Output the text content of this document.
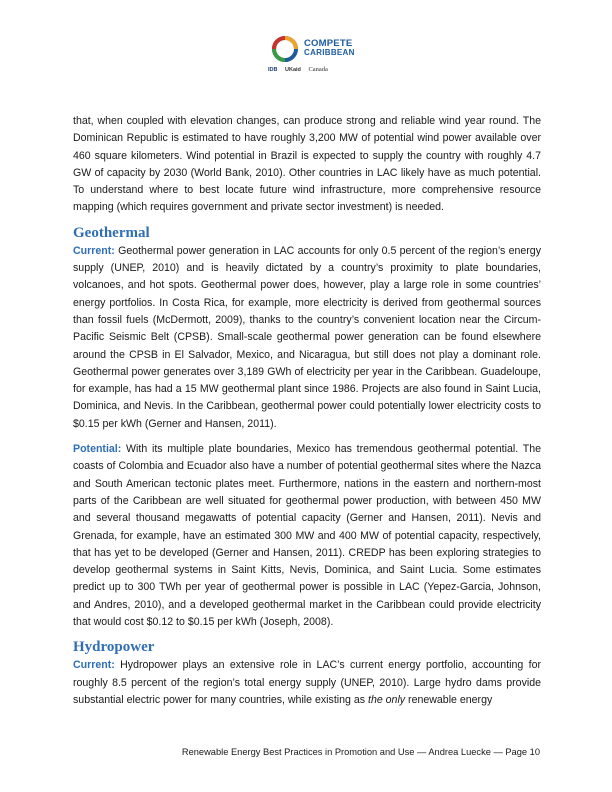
COMPETE
CARIBBEAN
IDB UKaid Canada

that, when coupled with elevation changes, can produce strong and reliable wind year round. The Dominican Republic is estimated to have roughly 3,200 MW of potential wind power available over 460 square kilometers. Wind potential in Brazil is expected to supply the country with roughly 4.7 GW of capacity by 2030 (World Bank, 2010). Other countries in LAC likely have as much potential. To understand where to best locate future wind infrastructure, more comprehensive resource mapping (which requires government and private sector investment) is needed.

Geothermal

Current: Geothermal power generation in LAC accounts for only 0.5 percent of the region’s energy supply (UNEP, 2010) and is heavily dictated by a country’s proximity to plate boundaries, volcanoes, and hot spots. Geothermal power does, however, play a large role in some countries’ energy portfolios. In Costa Rica, for example, more electricity is derived from geothermal sources than fossil fuels (McDermott, 2009), thanks to the country’s convenient location near the Circum-Pacific Seismic Belt (CPSB). Small-scale geothermal power generation can be found elsewhere around the CPSB in El Salvador, Mexico, and Nicaragua, but still does not play a dominant role. Geothermal power generates over 3,189 GWh of electricity per year in the Caribbean. Guadeloupe, for example, has had a 15 MW geothermal plant since 1986. Projects are also found in Saint Lucia, Dominica, and Nevis. In the Caribbean, geothermal power could potentially lower electricity costs to $0.15 per kWh (Gerner and Hansen, 2011).

Potential: With its multiple plate boundaries, Mexico has tremendous geothermal potential. The coasts of Colombia and Ecuador also have a number of potential geothermal sites where the Nazca and South American tectonic plates meet. Furthermore, nations in the eastern and northern-most parts of the Caribbean are well situated for geothermal power production, with between 450 MW and several thousand megawatts of potential capacity (Gerner and Hansen, 2011). Nevis and Grenada, for example, have an estimated 300 MW and 400 MW of potential capacity, respectively, that has yet to be developed (Gerner and Hansen, 2011). CREDP has been exploring strategies to develop geothermal systems in Saint Kitts, Nevis, Dominica, and Saint Lucia. Some estimates predict up to 300 TWh per year of geothermal power is possible in LAC (Yepez-Garcia, Johnson, and Andres, 2010), and a developed geothermal market in the Caribbean could provide electricity that would cost $0.12 to $0.15 per kWh (Joseph, 2008).

Hydropower

Current: Hydropower plays an extensive role in LAC’s current energy portfolio, accounting for roughly 8.5 percent of the region’s total energy supply (UNEP, 2010). Large hydro dams provide substantial electric power for many countries, while existing as the only renewable energy

Renewable Energy Best Practices in Promotion and Use — Andrea Luecke — Page 10
